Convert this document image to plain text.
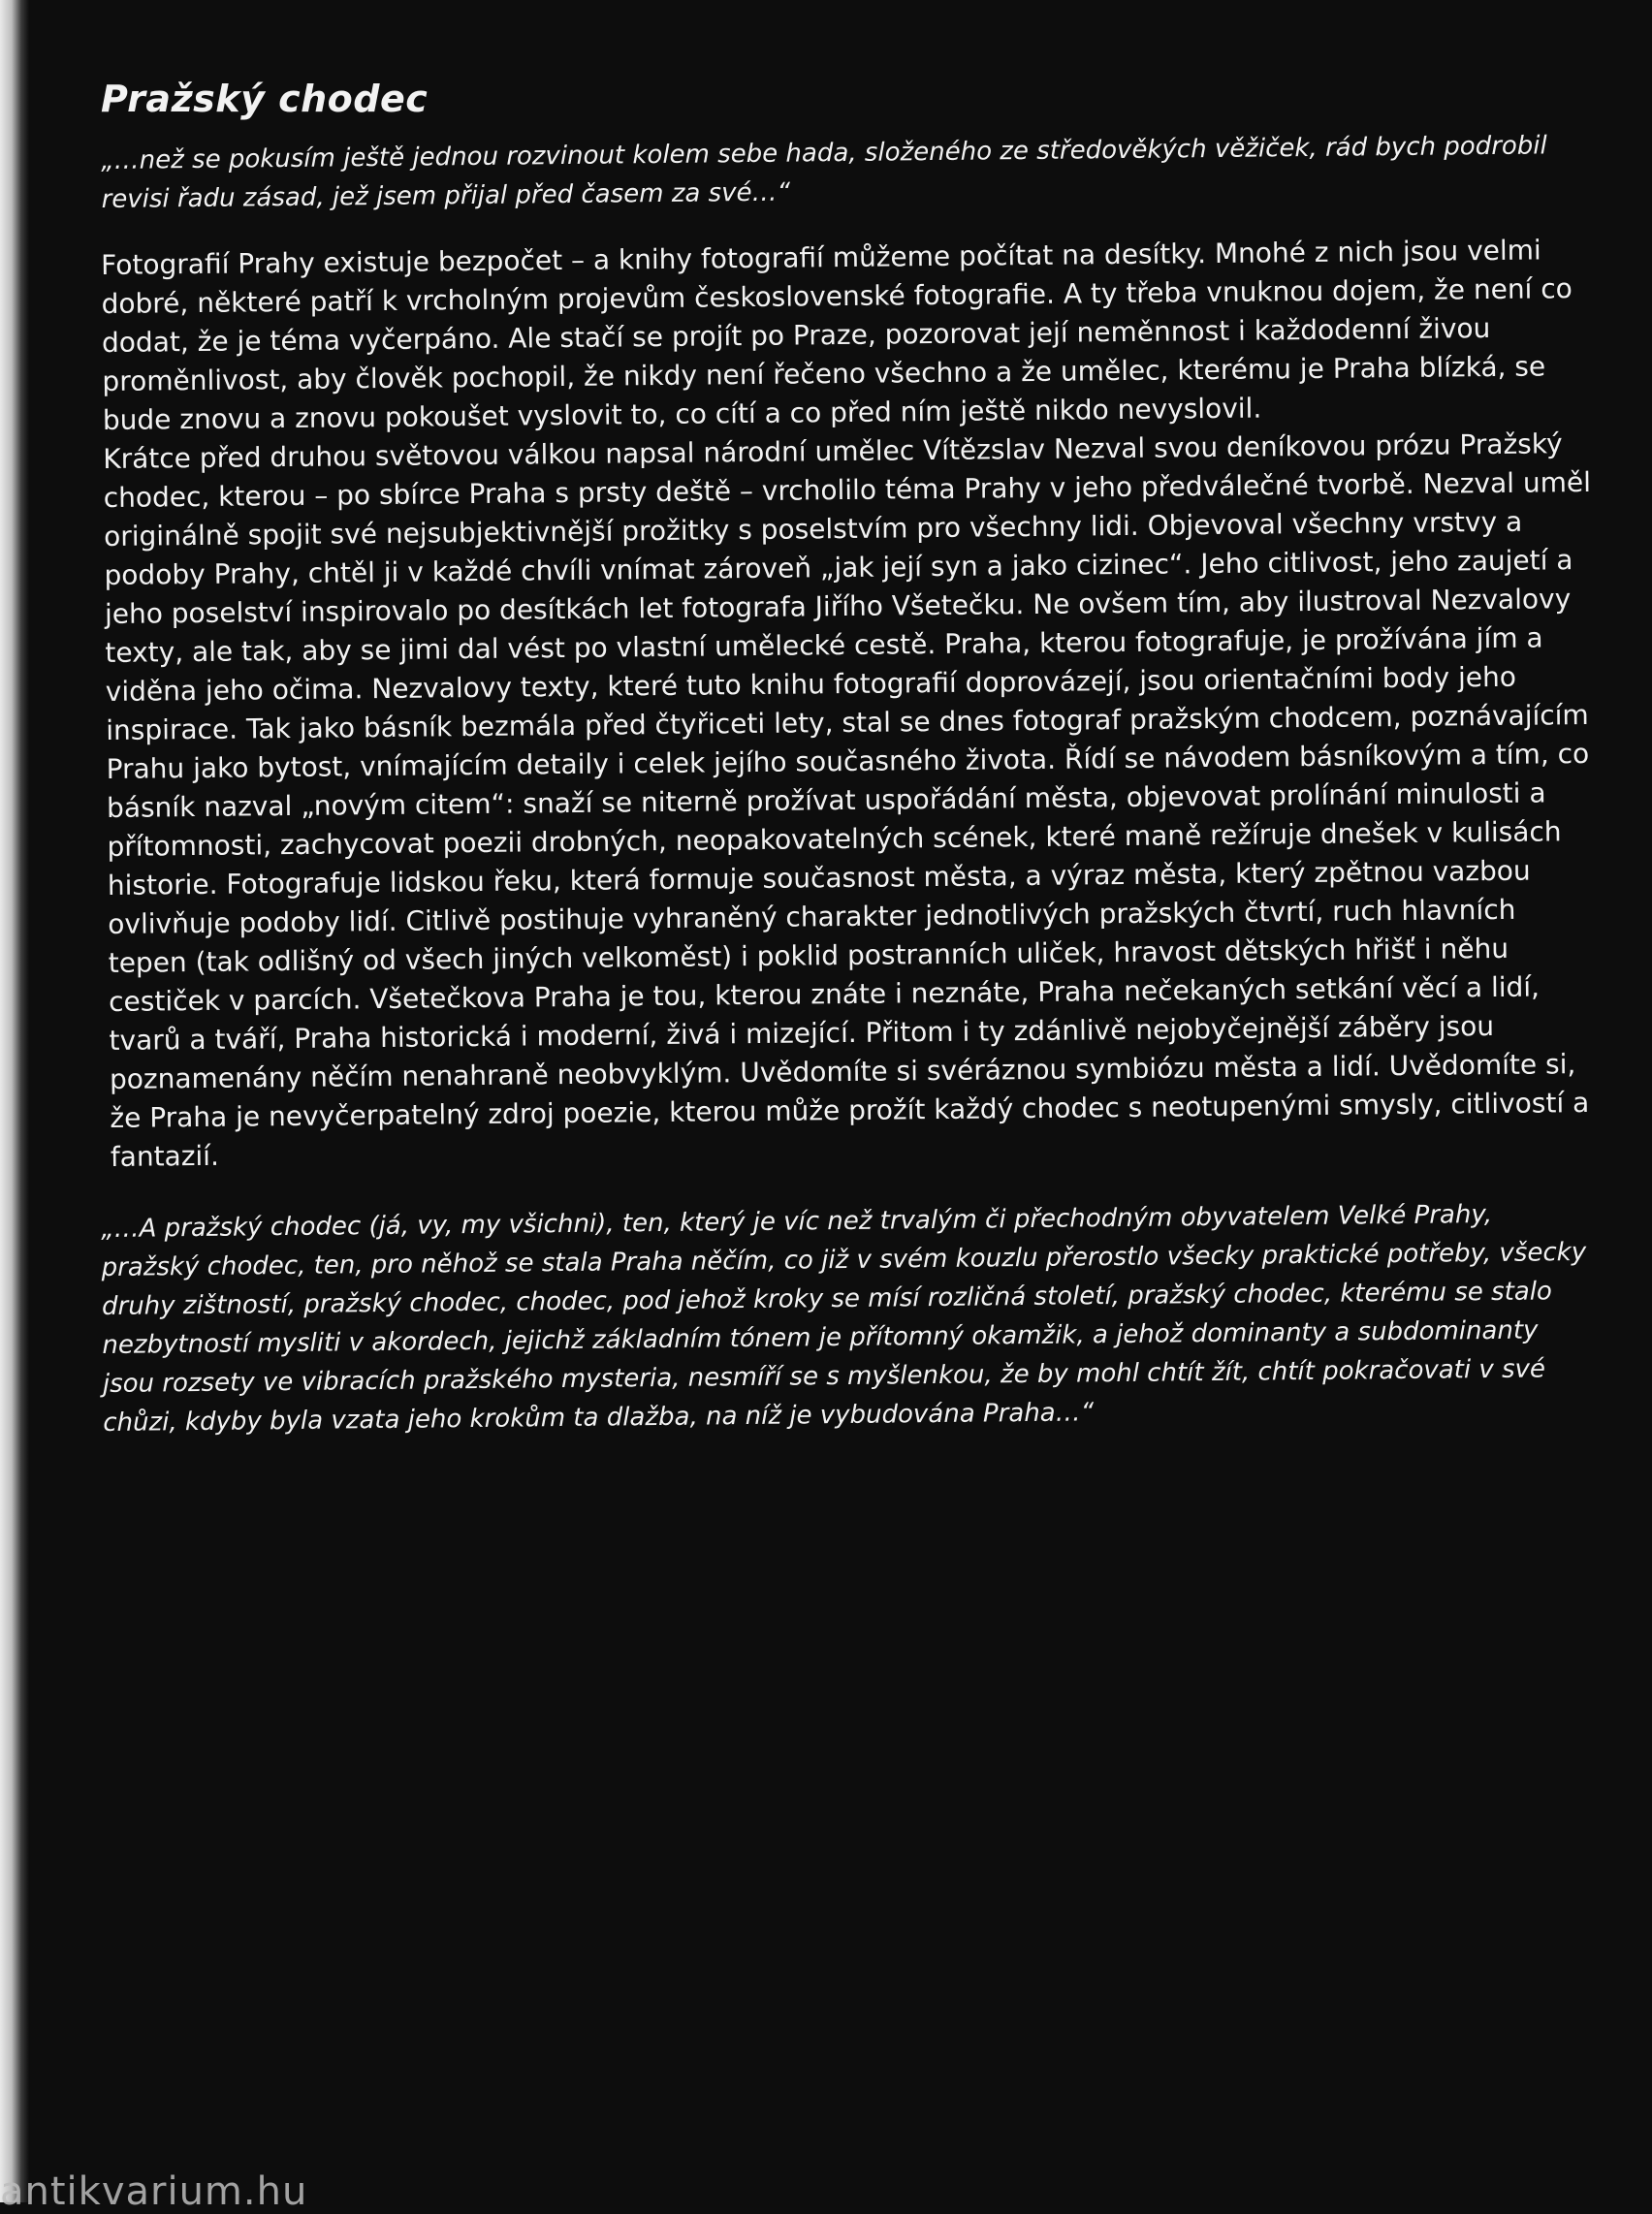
Pražský chodec

„…než se pokusím ještě jednou rozvinout kolem sebe hada, složeného ze středověkých věžiček, rád bych podrobil revisi řadu zásad, jež jsem přijal před časem za své…“

Fotografií Prahy existuje bezpočet – a knihy fotografií můžeme počítat na desítky. Mnohé z nich jsou velmi dobré, některé patří k vrcholným projevům československé fotografie. A ty třeba vnuknou dojem, že není co dodat, že je téma vyčerpáno. Ale stačí se projít po Praze, pozorovat její neměnnost i každodenní živou proměnlivost, aby člověk pochopil, že nikdy není řečeno všechno a že umělec, kterému je Praha blízká, se bude znovu a znovu pokoušet vyslovit to, co cítí a co před ním ještě nikdo nevyslovil.

Krátce před druhou světovou válkou napsal národní umělec Vítězslav Nezval svou deníkovou prózu Pražský chodec, kterou – po sbírce Praha s prsty deště – vrcholilo téma Prahy v jeho předválečné tvorbě. Nezval uměl originálně spojit své nejsubjektivnější prožitky s poselstvím pro všechny lidi. Objevoval všechny vrstvy a podoby Prahy, chtěl ji v každé chvíli vnímat zároveň „jak její syn a jako cizinec“. Jeho citlivost, jeho zaujetí a jeho poselství inspirovalo po desítkách let fotografa Jiřího Všetečku. Ne ovšem tím, aby ilustroval Nezvalovy texty, ale tak, aby se jimi dal vést po vlastní umělecké cestě. Praha, kterou fotografuje, je prožívána jím a viděna jeho očima. Nezvalovy texty, které tuto knihu fotografií doprovázejí, jsou orientačními body jeho inspirace. Tak jako básník bezmála před čtyřiceti lety, stal se dnes fotograf pražským chodcem, poznávajícím Prahu jako bytost, vnímajícím detaily i celek jejího současného života. Řídí se návodem básníkovým a tím, co básník nazval „novým citem“: snaží se niterně prožívat uspořádání města, objevovat prolínání minulosti a přítomnosti, zachycovat poezii drobných, neopakovatelných scének, které maně režíruje dnešek v kulisách historie. Fotografuje lidskou řeku, která formuje současnost města, a výraz města, který zpětnou vazbou ovlivňuje podoby lidí. Citlivě postihuje vyhraněný charakter jednotlivých pražských čtvrtí, ruch hlavních tepen (tak odlišný od všech jiných velkoměst) i poklid postranních uliček, hravost dětských hřišť i něhu cestiček v parcích. Všetečkova Praha je tou, kterou znáte i neznáte, Praha nečekaných setkání věcí a lidí, tvarů a tváří, Praha historická i moderní, živá i mizející. Přitom i ty zdánlivě nejobyčejnější záběry jsou poznamenány něčím nenahraně neobvyklým. Uvědomíte si svéráznou symbiózu města a lidí. Uvědomíte si, že Praha je nevyčerpatelný zdroj poezie, kterou může prožít každý chodec s neotupenými smysly, citlivostí a fantazií.

„…A pražský chodec (já, vy, my všichni), ten, který je víc než trvalým či přechodným obyvatelem Velké Prahy, pražský chodec, ten, pro něhož se stala Praha něčím, co již v svém kouzlu přerostlo všecky praktické potřeby, všecky druhy zištností, pražský chodec, chodec, pod jehož kroky se mísí rozličná století, pražský chodec, kterému se stalo nezbytností mysliti v akordech, jejichž základním tónem je přítomný okamžik, a jehož dominanty a subdominanty jsou rozsety ve vibracích pražského mysteria, nesmíří se s myšlenkou, že by mohl chtít žít, chtít pokračovati v své chůzi, kdyby byla vzata jeho krokům ta dlažba, na níž je vybudována Praha…“

antikvarium.hu
